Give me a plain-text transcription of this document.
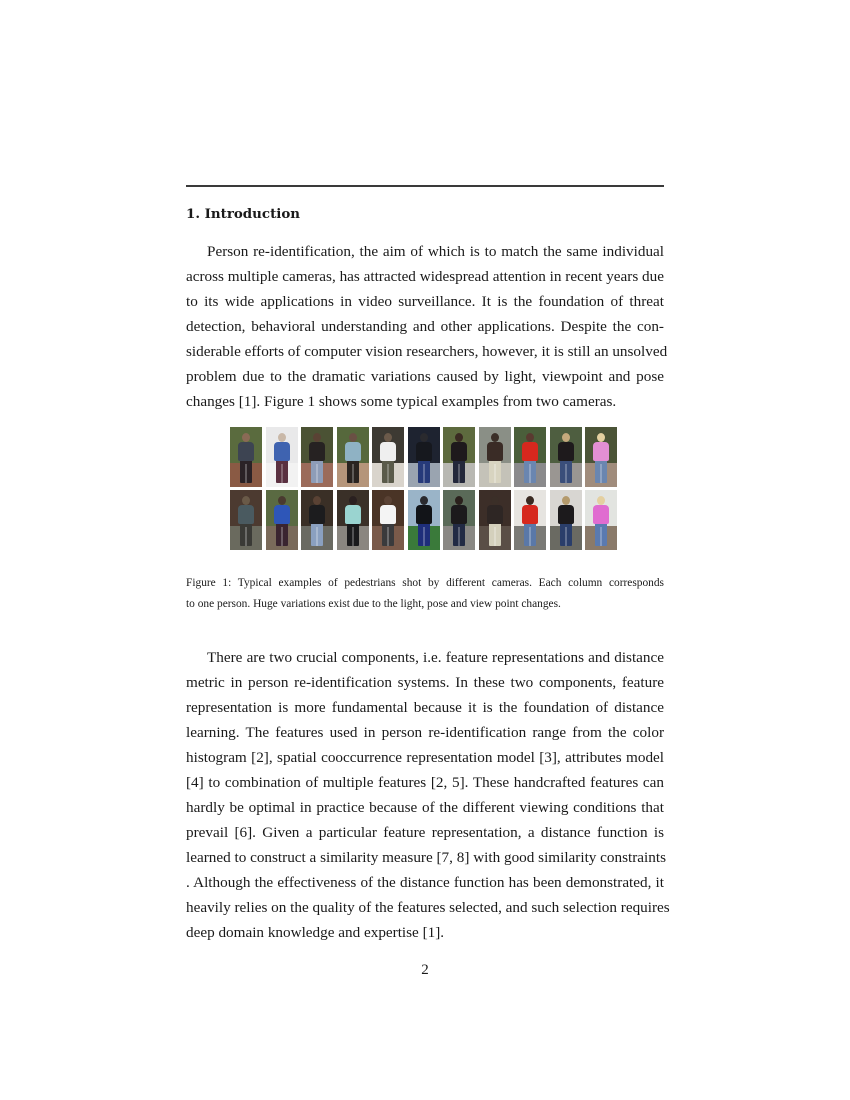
1. Introduction
Person re-identification, the aim of which is to match the same individual
across multiple cameras, has attracted widespread attention in recent years due
to its wide applications in video surveillance. It is the foundation of threat
detection, behavioral understanding and other applications. Despite the con-
siderable efforts of computer vision researchers, however, it is still an unsolved
problem due to the dramatic variations caused by light, viewpoint and pose
changes [1]. Figure 1 shows some typical examples from two cameras.
Figure 1: Typical examples of pedestrians shot by different cameras. Each column corresponds
to one person. Huge variations exist due to the light, pose and view point changes.
There are two crucial components, i.e. feature representations and distance
metric in person re-identification systems. In these two components, feature
representation is more fundamental because it is the foundation of distance
learning. The features used in person re-identification range from the color
histogram [2], spatial cooccurrence representation model [3], attributes model
[4] to combination of multiple features [2, 5]. These handcrafted features can
hardly be optimal in practice because of the different viewing conditions that
prevail [6]. Given a particular feature representation, a distance function is
learned to construct a similarity measure [7, 8] with good similarity constraints
. Although the effectiveness of the distance function has been demonstrated, it
heavily relies on the quality of the features selected, and such selection requires
deep domain knowledge and expertise [1].
2
